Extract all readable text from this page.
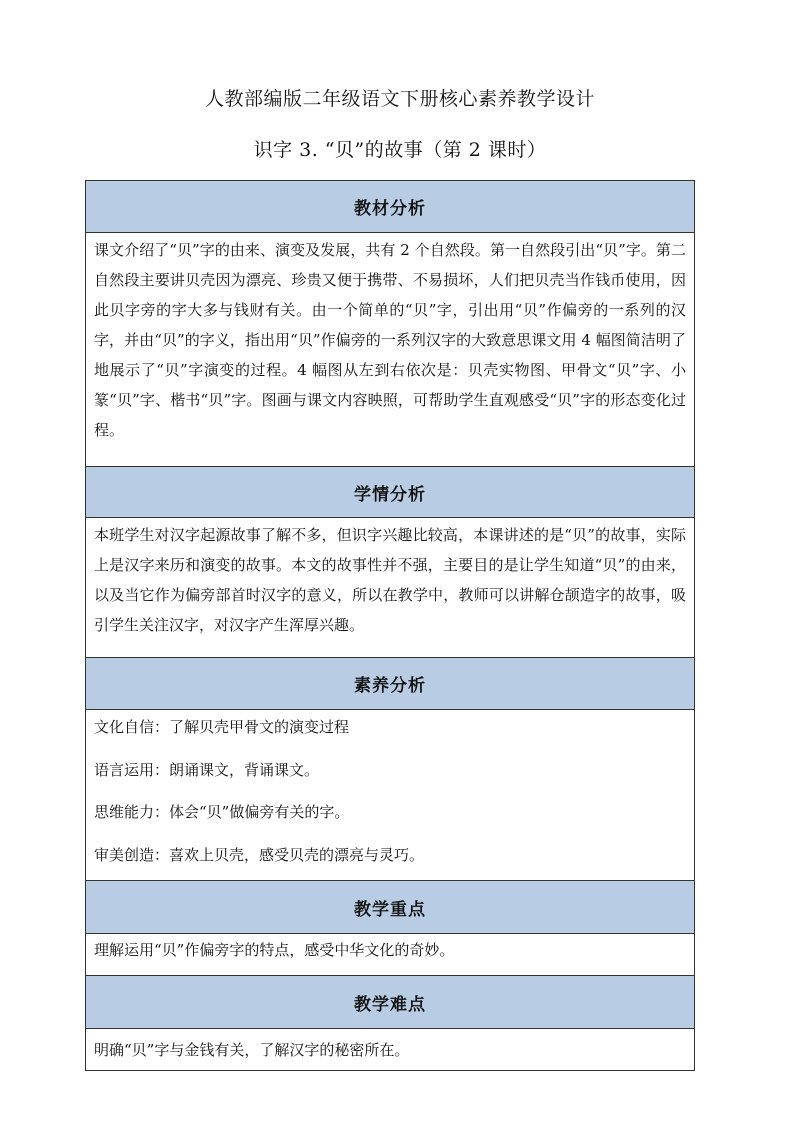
人教部编版二年级语文下册核心素养教学设计
识字 3. “贝”的故事（第 2 课时）
教材分析
课文介绍了“贝”字的由来、演变及发展，共有 2 个自然段。第一自然段引出“贝”字。第二自然段主要讲贝壳因为漂亮、珍贵又便于携带、不易损坏，人们把贝壳当作钱币使用，因此贝字旁的字大多与钱财有关。由一个简单的“贝”字，引出用“贝”作偏旁的一系列的汉字，并由“贝”的字义，指出用“贝”作偏旁的一系列汉字的大致意思课文用 4 幅图简洁明了地展示了“贝”字演变的过程。4 幅图从左到右依次是：贝壳实物图、甲骨文“贝”字、小篆“贝”字、楷书“贝”字。图画与课文内容映照，可帮助学生直观感受“贝”字的形态变化过程。
学情分析
本班学生对汉字起源故事了解不多，但识字兴趣比较高，本课讲述的是“贝”的故事，实际上是汉字来历和演变的故事。本文的故事性并不强，主要目的是让学生知道“贝”的由来，以及当它作为偏旁部首时汉字的意义，所以在教学中，教师可以讲解仓颉造字的故事，吸引学生关注汉字，对汉字产生浑厚兴趣。
素养分析
文化自信：了解贝壳甲骨文的演变过程
语言运用：朗诵课文，背诵课文。
思维能力：体会“贝”做偏旁有关的字。
审美创造：喜欢上贝壳，感受贝壳的漂亮与灵巧。
教学重点
理解运用“贝”作偏旁字的特点，感受中华文化的奇妙。
教学难点
明确“贝”字与金钱有关，了解汉字的秘密所在。
